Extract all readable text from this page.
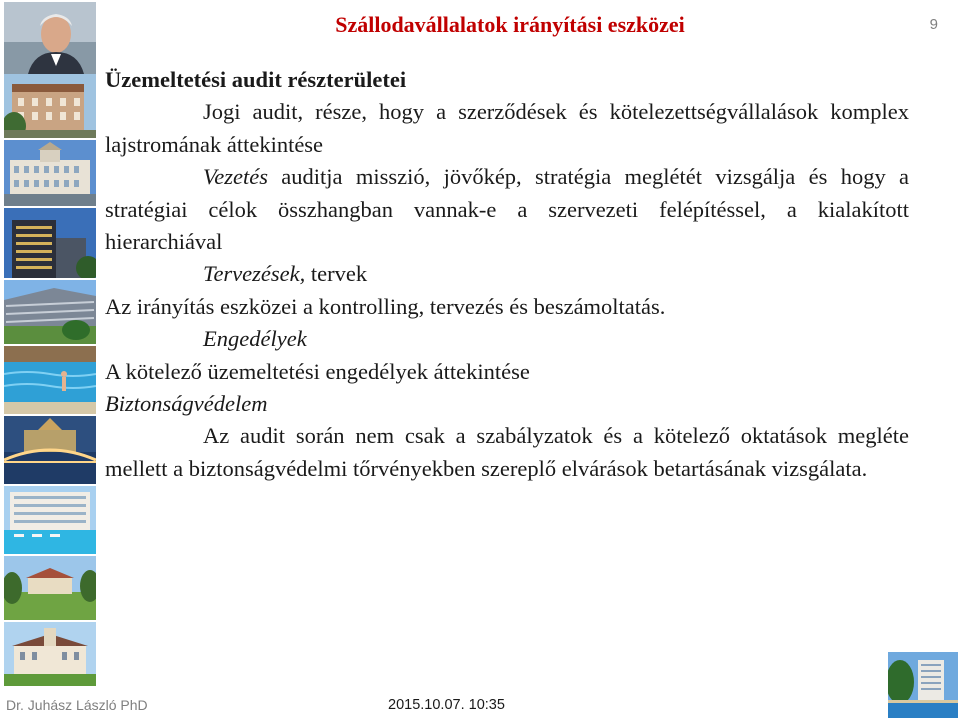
Szállodavállalatok irányítási eszközei	9

Üzemeltetési audit részterületei

Jogi audit, része, hogy a szerződések és kötelezettségvállalások komplex lajstromának áttekintése

Vezetés auditja misszió, jövőkép, stratégia meglétét vizsgálja és hogy a stratégiai célok összhangban vannak-e a szervezeti felépítéssel, a kialakított hierarchiával

Tervezések, tervek

Az irányítás eszközei a kontrolling, tervezés és beszámoltatás.

Engedélyek

A kötelező üzemeltetési engedélyek áttekintése

Biztonságvédelem

Az audit során nem csak a szabályzatok és a kötelező oktatások megléte mellett a biztonságvédelmi tőrvényekben szereplő elvárások betartásának vizsgálata.

Dr. Juhász László PhD	2015.10.07. 10:35
